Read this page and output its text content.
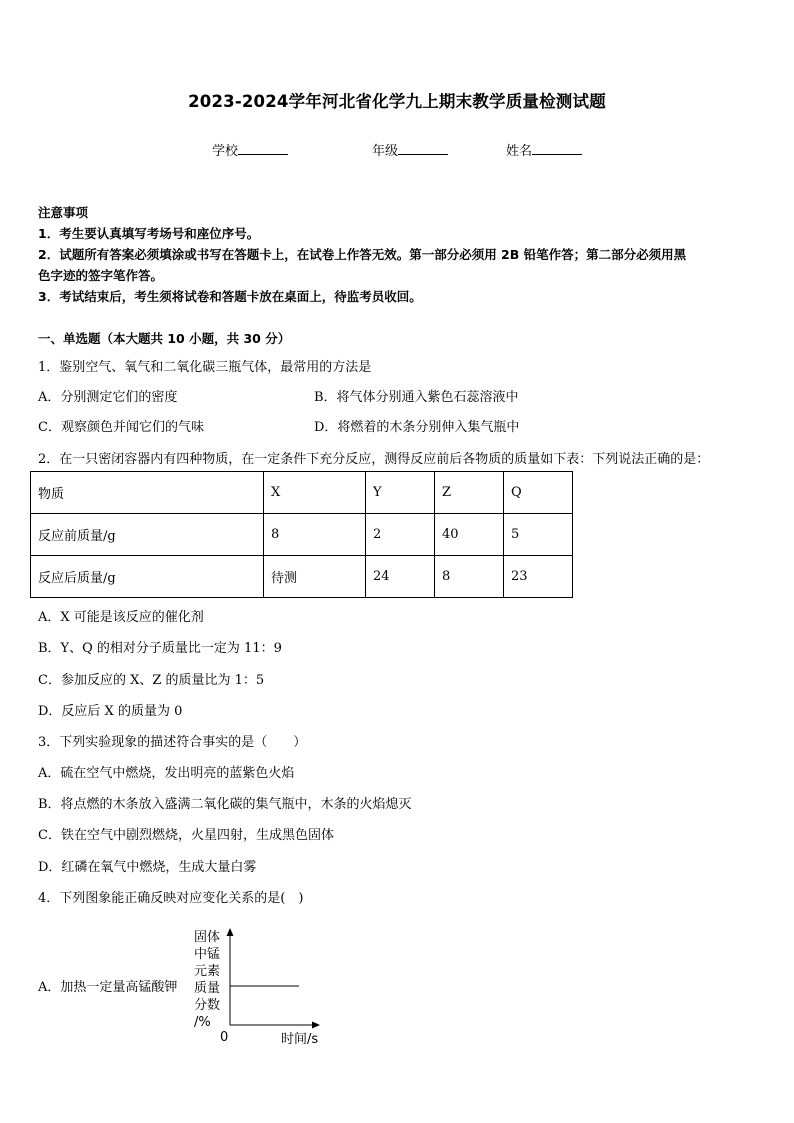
2023-2024学年河北省化学九上期末教学质量检测试题
学校	年级	姓名
注意事项
1．考生要认真填写考场号和座位序号。
2．试题所有答案必须填涂或书写在答题卡上，在试卷上作答无效。第一部分必须用 2B 铅笔作答；第二部分必须用黑
色字迹的签字笔作答。
3．考试结束后，考生须将试卷和答题卡放在桌面上，待监考员收回。
一、单选题（本大题共 10 小题，共 30 分）
1．鉴别空气、氧气和二氧化碳三瓶气体，最常用的方法是
A．分别测定它们的密度	B．将气体分别通入紫色石蕊溶液中
C．观察颜色并闻它们的气味	D．将燃着的木条分别伸入集气瓶中
2．在一只密闭容器内有四种物质，在一定条件下充分反应，测得反应前后各物质的质量如下表：下列说法正确的是：
物质	X	Y	Z	Q
反应前质量/g	8	2	40	5
反应后质量/g	待测	24	8	23
A．X 可能是该反应的催化剂
B．Y、Q 的相对分子质量比一定为 11：9
C．参加反应的 X、Z 的质量比为 1：5
D．反应后 X 的质量为 0
3．下列实验现象的描述符合事实的是（　　）
A．硫在空气中燃烧，发出明亮的蓝紫色火焰
B．将点燃的木条放入盛满二氧化碳的集气瓶中，木条的火焰熄灭
C．铁在空气中剧烈燃烧，火星四射，生成黑色固体
D．红磷在氧气中燃烧，生成大量白雾
4．下列图象能正确反映对应变化关系的是(　)
A．加热一定量高锰酸钾
固体
中锰
元素
质量
分数
/%
0	时间/s
